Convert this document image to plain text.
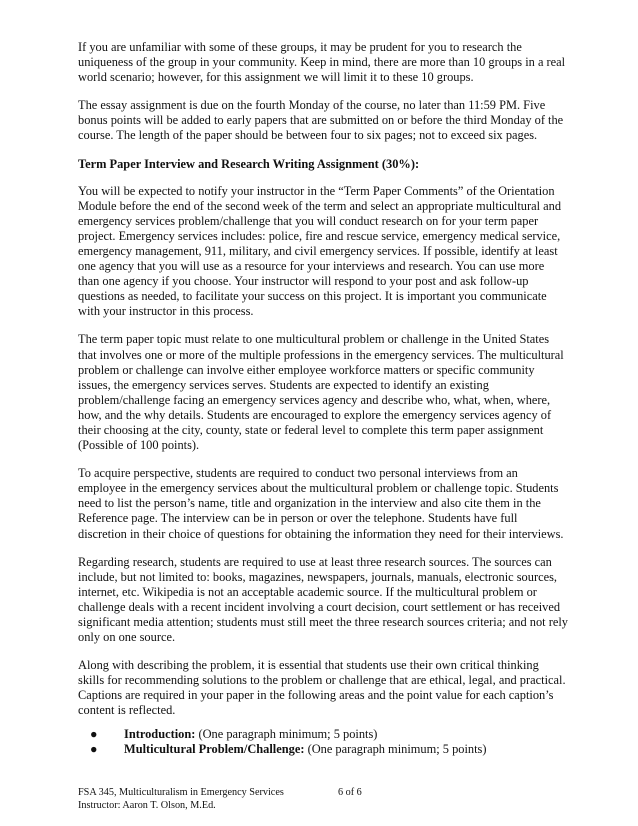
If you are unfamiliar with some of these groups, it may be prudent for you to research the uniqueness of the group in your community. Keep in mind, there are more than 10 groups in a real world scenario; however, for this assignment we will limit it to these 10 groups.

The essay assignment is due on the fourth Monday of the course, no later than 11:59 PM. Five bonus points will be added to early papers that are submitted on or before the third Monday of the course. The length of the paper should be between four to six pages; not to exceed six pages.

Term Paper Interview and Research Writing Assignment (30%):

You will be expected to notify your instructor in the “Term Paper Comments” of the Orientation Module before the end of the second week of the term and select an appropriate multicultural and emergency services problem/challenge that you will conduct research on for your term paper project. Emergency services includes: police, fire and rescue service, emergency medical service, emergency management, 911, military, and civil emergency services. If possible, identify at least one agency that you will use as a resource for your interviews and research. You can use more than one agency if you choose. Your instructor will respond to your post and ask follow-up questions as needed, to facilitate your success on this project. It is important you communicate with your instructor in this process.

The term paper topic must relate to one multicultural problem or challenge in the United States that involves one or more of the multiple professions in the emergency services. The multicultural problem or challenge can involve either employee workforce matters or specific community issues, the emergency services serves. Students are expected to identify an existing problem/challenge facing an emergency services agency and describe who, what, when, where, how, and the why details. Students are encouraged to explore the emergency services agency of their choosing at the city, county, state or federal level to complete this term paper assignment (Possible of 100 points).

To acquire perspective, students are required to conduct two personal interviews from an employee in the emergency services about the multicultural problem or challenge topic. Students need to list the person’s name, title and organization in the interview and also cite them in the Reference page. The interview can be in person or over the telephone. Students have full discretion in their choice of questions for obtaining the information they need for their interviews.

Regarding research, students are required to use at least three research sources. The sources can include, but not limited to: books, magazines, newspapers, journals, manuals, electronic sources, internet, etc. Wikipedia is not an acceptable academic source. If the multicultural problem or challenge deals with a recent incident involving a court decision, court settlement or has received significant media attention; students must still meet the three research sources criteria; and not rely only on one source.

Along with describing the problem, it is essential that students use their own critical thinking skills for recommending solutions to the problem or challenge that are ethical, legal, and practical. Captions are required in your paper in the following areas and the point value for each caption’s content is reflected.

● Introduction: (One paragraph minimum; 5 points)
● Multicultural Problem/Challenge: (One paragraph minimum; 5 points)
FSA 345, Multiculturalism in Emergency Services	6 of 6
Instructor: Aaron T. Olson, M.Ed.
